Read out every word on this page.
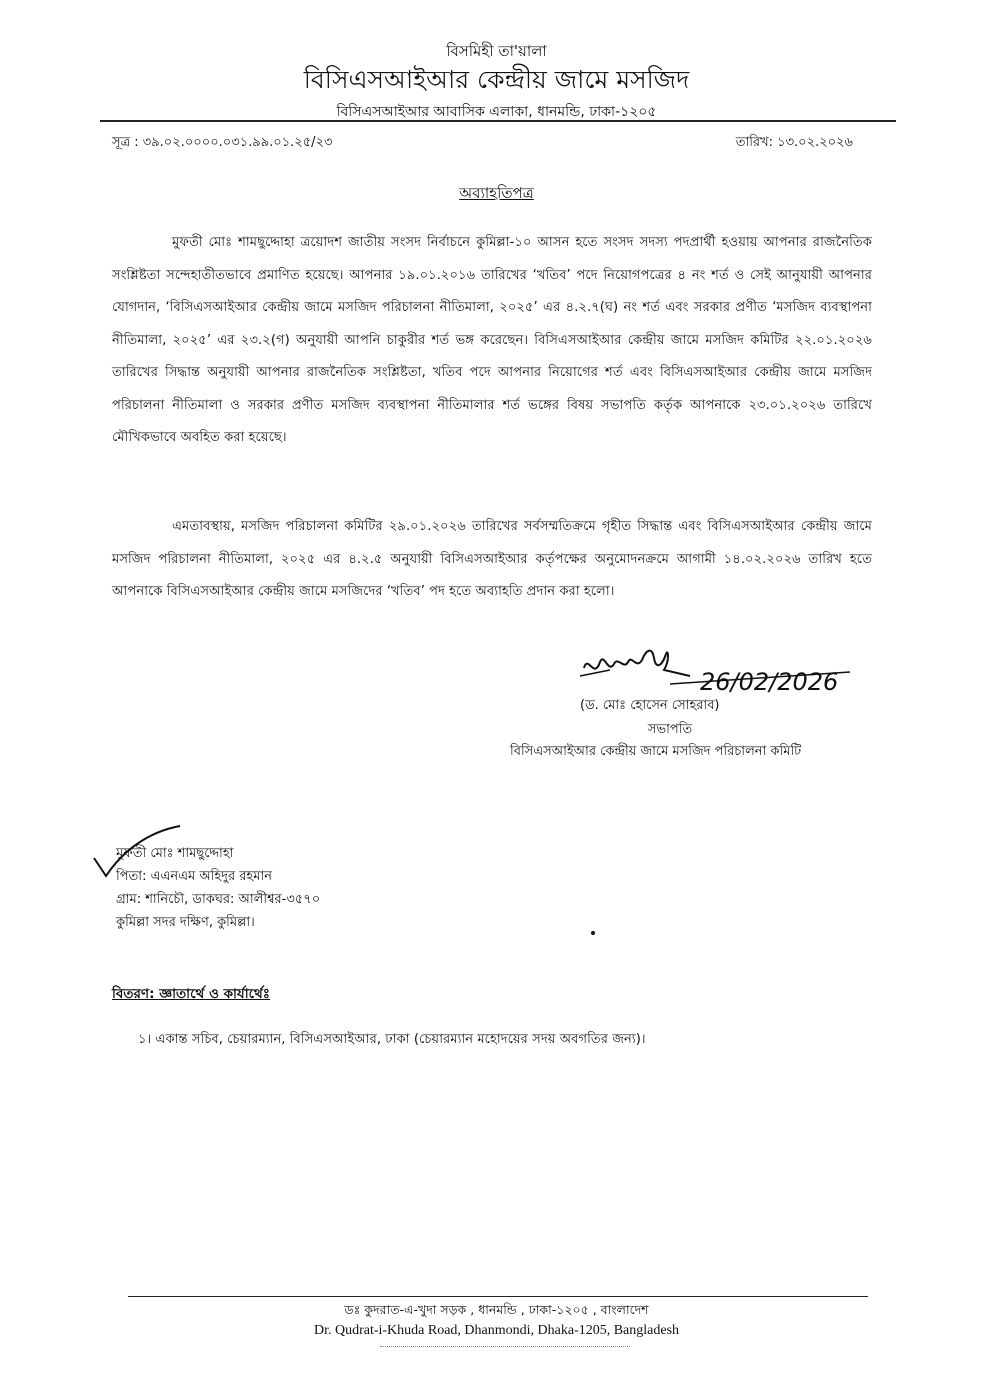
বিসমিহী তা'য়ালা
বিসিএসআইআর কেন্দ্রীয় জামে মসজিদ
বিসিএসআইআর আবাসিক এলাকা, ধানমন্ডি, ঢাকা-১২০৫
সূত্র : ৩৯.০২.০০০০.০৩১.৯৯.০১.২৫/২৩	তারিখ: ১৩.০২.২০২৬
অব্যাহতিপত্র

মুফতী মোঃ শামছুদ্দোহা ত্রয়োদশ জাতীয় সংসদ নির্বাচনে কুমিল্লা-১০ আসন হতে সংসদ সদস্য পদপ্রার্থী হওয়ায় আপনার রাজনৈতিক সংশ্লিষ্টতা সন্দেহাতীতভাবে প্রমাণিত হয়েছে। আপনার ১৯.০১.২০১৬ তারিখের ‘খতিব’ পদে নিয়োগপত্রের ৪ নং শর্ত ও সেই আনুযায়ী আপনার যোগদান, ‘বিসিএসআইআর কেন্দ্রীয় জামে মসজিদ পরিচালনা নীতিমালা, ২০২৫’ এর ৪.২.৭(ঘ) নং শর্ত এবং সরকার প্রণীত ‘মসজিদ ব্যবস্থাপনা নীতিমালা, ২০২৫’ এর ২৩.২(গ) অনুযায়ী আপনি চাকুরীর শর্ত ভঙ্গ করেছেন। বিসিএসআইআর কেন্দ্রীয় জামে মসজিদ কমিটির ২২.০১.২০২৬ তারিখের সিদ্ধান্ত অনুযায়ী আপনার রাজনৈতিক সংশ্লিষ্টতা, খতিব পদে আপনার নিয়োগের শর্ত এবং বিসিএসআইআর কেন্দ্রীয় জামে মসজিদ পরিচালনা নীতিমালা ও সরকার প্রণীত মসজিদ ব্যবস্থাপনা নীতিমালার শর্ত ভঙ্গের বিষয় সভাপতি কর্তৃক আপনাকে ২৩.০১.২০২৬ তারিখে মৌখিকভাবে অবহিত করা হয়েছে।

এমতাবস্থায়, মসজিদ পরিচালনা কমিটির ২৯.০১.২০২৬ তারিখের সর্বসম্মতিক্রমে গৃহীত সিদ্ধান্ত এবং বিসিএসআইআর কেন্দ্রীয় জামে মসজিদ পরিচালনা নীতিমালা, ২০২৫ এর ৪.২.৫ অনুযায়ী বিসিএসআইআর কর্তৃপক্ষের অনুমোদনক্রমে আগামী ১৪.০২.২০২৬ তারিখ হতে আপনাকে বিসিএসআইআর কেন্দ্রীয় জামে মসজিদের ‘খতিব’ পদ হতে অব্যাহতি প্রদান করা হলো।

26/02/2026
(ড. মোঃ হোসেন সোহরাব)
সভাপতি
বিসিএসআইআর কেন্দ্রীয় জামে মসজিদ পরিচালনা কমিটি
মুফতী মোঃ শামছুদ্দোহা
পিতা: এএনএম অহিদুর রহমান
গ্রাম: শানিচৌ, ডাকঘর: আলীশ্বর-৩৫৭০
কুমিল্লা সদর দক্ষিণ, কুমিল্লা।
বিতরণ: জ্ঞাতার্থে ও কার্যার্থেঃ
১। একান্ত সচিব, চেয়ারম্যান, বিসিএসআইআর, ঢাকা (চেয়ারম্যান মহোদয়ের সদয় অবগতির জন্য)।
ডঃ কুদরাত-এ-খুদা সড়ক , ধানমন্ডি , ঢাকা-১২০৫ , বাংলাদেশ
Dr. Qudrat-i-Khuda Road, Dhanmondi, Dhaka-1205, Bangladesh
